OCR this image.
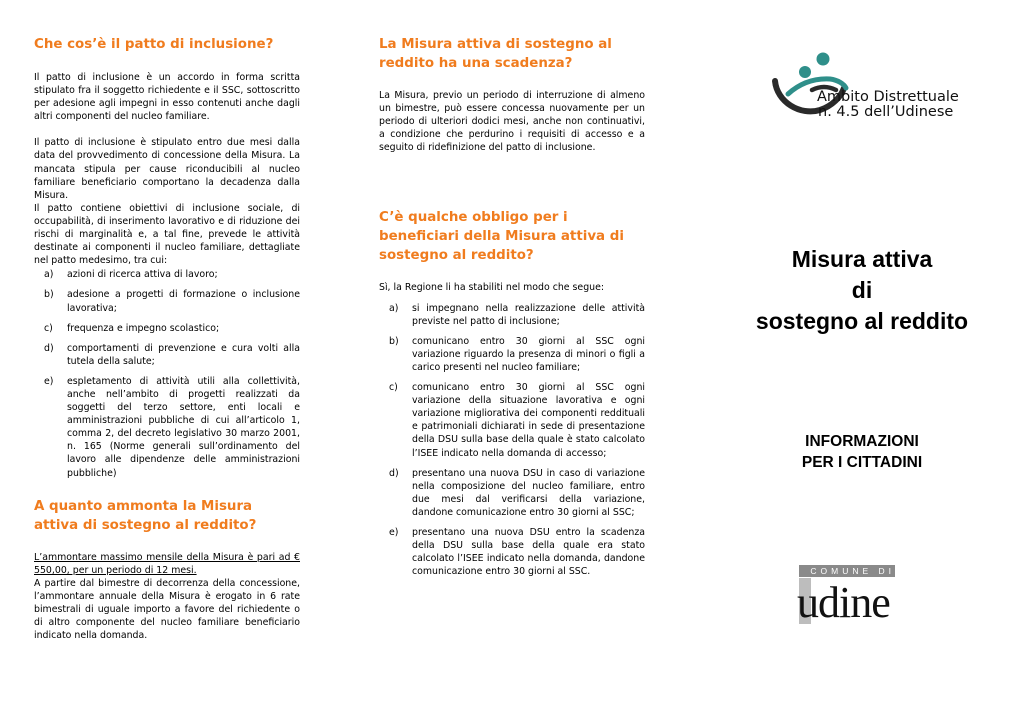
Che cos’è il patto di inclusione?

Il patto di inclusione è un accordo in forma scritta stipulato fra il soggetto richiedente e il SSC, sottoscritto per adesione agli impegni in esso contenuti anche dagli altri componenti del nucleo familiare.

Il patto di inclusione è stipulato entro due mesi dalla data del provvedimento di concessione della Misura. La mancata stipula per cause riconducibili al nucleo familiare beneficiario comportano la decadenza dalla Misura.

Il patto contiene obiettivi di inclusione sociale, di occupabilità, di inserimento lavorativo e di riduzione dei rischi di marginalità e, a tal fine, prevede le attività destinate ai componenti il nucleo familiare, dettagliate nel patto medesimo, tra cui:

a) azioni di ricerca attiva di lavoro;
b) adesione a progetti di formazione o inclusione lavorativa;
c) frequenza e impegno scolastico;
d) comportamenti di prevenzione e cura volti alla tutela della salute;
e) espletamento di attività utili alla collettività, anche nell’ambito di progetti realizzati da soggetti del terzo settore, enti locali e amministrazioni pubbliche di cui all’articolo 1, comma 2, del decreto legislativo 30 marzo 2001, n. 165 (Norme generali sull’ordinamento del lavoro alle dipendenze delle amministrazioni pubbliche)
A quanto ammonta la Misura attiva di sostegno al reddito?

L’ammontare massimo mensile della Misura è pari ad € 550,00, per un periodo di 12 mesi.

A partire dal bimestre di decorrenza della concessione, l’ammontare annuale della Misura è erogato in 6 rate bimestrali di uguale importo a favore del richiedente o di altro componente del nucleo familiare beneficiario indicato nella domanda.

La Misura attiva di sostegno al reddito ha una scadenza?

La Misura, previo un periodo di interruzione di almeno un bimestre, può essere concessa nuovamente per un periodo di ulteriori dodici mesi, anche non continuativi, a condizione che perdurino i requisiti di accesso e a seguito di ridefinizione del patto di inclusione.

C’è qualche obbligo per i beneficiari della Misura attiva di sostegno al reddito?

Sì, la Regione li ha stabiliti nel modo che segue:

a) si impegnano nella realizzazione delle attività previste nel patto di inclusione;
b) comunicano entro 30 giorni al SSC ogni variazione riguardo la presenza di minori o figli a carico presenti nel nucleo familiare;
c) comunicano entro 30 giorni al SSC ogni variazione della situazione lavorativa e ogni variazione migliorativa dei componenti reddituali e patrimoniali dichiarati in sede di presentazione della DSU sulla base della quale è stato calcolato l’ISEE indicato nella domanda di accesso;
d) presentano una nuova DSU in caso di variazione nella composizione del nucleo familiare, entro due mesi dal verificarsi della variazione, dandone comunicazione entro 30 giorni al SSC;
e) presentano una nuova DSU entro la scadenza della DSU sulla base della quale era stato calcolato l’ISEE indicato nella domanda, dandone comunicazione entro 30 giorni al SSC.
Ambito Distrettuale
n. 4.5 dell’Udinese
Misura attiva
di
sostegno al reddito
INFORMAZIONI
PER I CITTADINI
COMUNE DI
udine
